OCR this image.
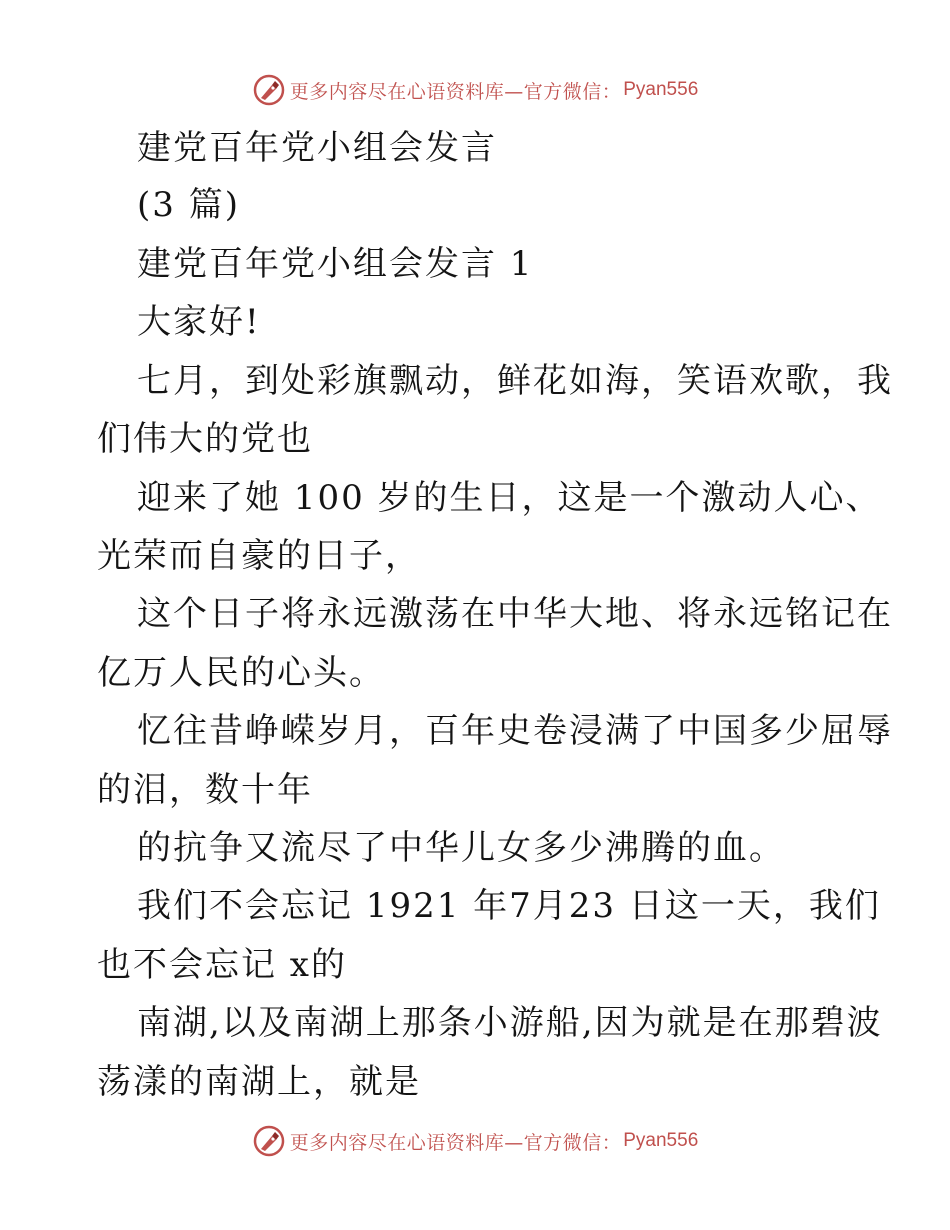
更多内容尽在心语资料库—官方微信： Pyan556
建党百年党小组会发言
(3 篇)
建党百年党小组会发言 1
大家好!
七月，到处彩旗飘动，鲜花如海，笑语欢歌，我
们伟大的党也
迎来了她 100 岁的生日，这是一个激动人心、
光荣而自豪的日子，
这个日子将永远激荡在中华大地、将永远铭记在
亿万人民的心头。
忆往昔峥嵘岁月，百年史卷浸满了中国多少屈辱
的泪，数十年
的抗争又流尽了中华儿女多少沸腾的血。
我们不会忘记 1921 年7月23 日这一天，我们
也不会忘记 x的
南湖,以及南湖上那条小游船,因为就是在那碧波
荡漾的南湖上，就是
更多内容尽在心语资料库—官方微信： Pyan556
